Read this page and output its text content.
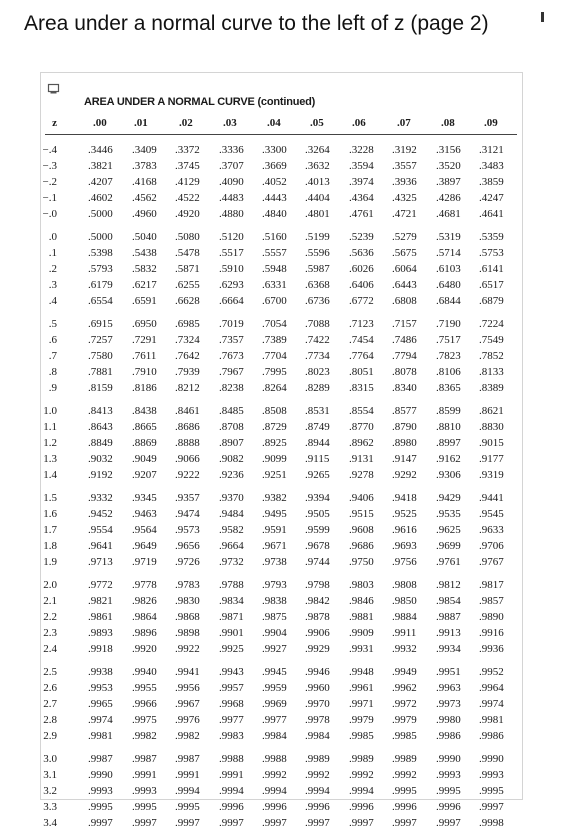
Area under a normal curve to the left of z (page 2)
AREA UNDER A NORMAL CURVE (continued)
z	.00 .01	.02	.03	.04	.05	.06	.07	.08	.09
−.4	.3446 .3409 .3372 .3336 .3300 .3264 .3228 .3192 .3156 .3121
−.3	.3821 .3783 .3745 .3707 .3669 .3632 .3594 .3557 .3520 .3483
−.2	.4207 .4168 .4129 .4090 .4052 .4013 .3974 .3936 .3897 .3859
−.1	.4602 .4562 .4522 .4483 .4443 .4404 .4364 .4325 .4286 .4247
−.0	.5000 .4960 .4920 .4880 .4840 .4801 .4761 .4721 .4681 .4641
.0	.5000 .5040 .5080 .5120 .5160 .5199 .5239 .5279 .5319 .5359
.1	.5398 .5438 .5478 .5517 .5557 .5596 .5636 .5675 .5714 .5753
.2	.5793 .5832 .5871 .5910 .5948 .5987 .6026 .6064 .6103 .6141
.3	.6179 .6217 .6255 .6293 .6331 .6368 .6406 .6443 .6480 .6517
.4	.6554 .6591 .6628 .6664 .6700 .6736 .6772 .6808 .6844 .6879
.5	.6915 .6950 .6985 .7019 .7054 .7088 .7123 .7157 .7190 .7224
.6	.7257 .7291 .7324 .7357 .7389 .7422 .7454 .7486 .7517 .7549
.7	.7580 .7611 .7642 .7673 .7704 .7734 .7764 .7794 .7823 .7852
.8	.7881 .7910 .7939 .7967 .7995 .8023 .8051 .8078 .8106 .8133
.9	.8159 .8186 .8212 .8238 .8264 .8289 .8315 .8340 .8365 .8389
1.0	.8413 .8438 .8461 .8485 .8508 .8531 .8554 .8577 .8599 .8621
1.1	.8643 .8665 .8686 .8708 .8729 .8749 .8770 .8790 .8810 .8830
1.2	.8849 .8869 .8888 .8907 .8925 .8944 .8962 .8980 .8997 .9015
1.3	.9032 .9049 .9066 .9082 .9099 .9115 .9131 .9147 .9162 .9177
1.4	.9192 .9207 .9222 .9236 .9251 .9265 .9278 .9292 .9306 .9319
1.5	.9332 .9345 .9357 .9370 .9382 .9394 .9406 .9418 .9429 .9441
1.6	.9452 .9463 .9474 .9484 .9495 .9505 .9515 .9525 .9535 .9545
1.7	.9554 .9564 .9573 .9582 .9591 .9599 .9608 .9616 .9625 .9633
1.8	.9641 .9649 .9656 .9664 .9671 .9678 .9686 .9693 .9699 .9706
1.9	.9713 .9719 .9726 .9732 .9738 .9744 .9750 .9756 .9761 .9767
2.0	.9772 .9778 .9783 .9788 .9793 .9798 .9803 .9808 .9812 .9817
2.1	.9821 .9826 .9830 .9834 .9838 .9842 .9846 .9850 .9854 .9857
2.2	.9861 .9864 .9868 .9871 .9875 .9878 .9881 .9884 .9887 .9890
2.3	.9893 .9896 .9898 .9901 .9904 .9906 .9909 .9911 .9913 .9916
2.4	.9918 .9920 .9922 .9925 .9927 .9929 .9931 .9932 .9934 .9936
2.5	.9938 .9940 .9941 .9943 .9945 .9946 .9948 .9949 .9951 .9952
2.6	.9953 .9955 .9956 .9957 .9959 .9960 .9961 .9962 .9963 .9964
2.7	.9965 .9966 .9967 .9968 .9969 .9970 .9971 .9972 .9973 .9974
2.8	.9974 .9975 .9976 .9977 .9977 .9978 .9979 .9979 .9980 .9981
2.9	.9981 .9982 .9982 .9983 .9984 .9984 .9985 .9985 .9986 .9986
3.0	.9987 .9987 .9987 .9988 .9988 .9989 .9989 .9989 .9990 .9990
3.1	.9990 .9991 .9991 .9991 .9992 .9992 .9992 .9992 .9993 .9993
3.2	.9993 .9993 .9994 .9994 .9994 .9994 .9994 .9995 .9995 .9995
3.3	.9995 .9995 .9995 .9996 .9996 .9996 .9996 .9996 .9996 .9997
3.4	.9997 .9997 .9997 .9997 .9997 .9997 .9997 .9997 .9997 .9998
